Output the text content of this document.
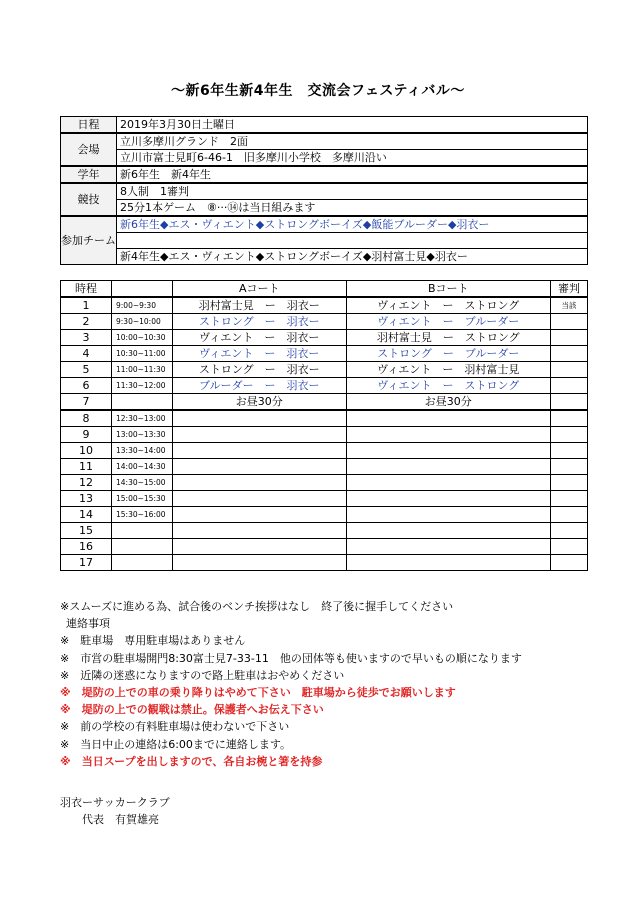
〜新6年生新4年生　交流会フェスティバル〜
日程	2019年3月30日土曜日
会場	立川多摩川グランド　2面
	立川市富士見町6-46-1　旧多摩川小学校　多摩川沿い
学年	新6年生　新4年生
競技	8人制　1審判
	25分1本ゲーム　⑧···⑭は当日組みます
参加チーム	新6年生◆エス・ヴィエント◆ストロングボーイズ◆飯能ブルーダー◆羽衣ー

	新4年生◆エス・ヴィエント◆ストロングボーイズ◆羽村富士見◆羽衣ー
時程		Aコート	Bコート	審判
1	9:00~9:30	羽村富士見　ー　羽衣ー	ヴィエント　ー　ストロング	当該
2	9:30~10:00	ストロング　ー　羽衣ー	ヴィエント　ー　ブルーダー	
3	10:00~10:30	ヴィエント　ー　羽衣ー	羽村富士見　ー　ストロング	
4	10:30~11:00	ヴィエント　ー　羽衣ー	ストロング　ー　ブルーダー	
5	11:00~11:30	ストロング　ー　羽衣ー	ヴィエント　ー　羽村富士見	
6	11:30~12:00	ブルーダー　ー　羽衣ー	ヴィエント　ー　ストロング	
7		お昼30分	お昼30分	
8	12:30~13:00			
9	13:00~13:30			
10	13:30~14:00			
11	14:00~14:30			
12	14:30~15:00			
13	15:00~15:30			
14	15:30~16:00			
15				
16				
17				
※スムーズに進める為、試合後のベンチ挨拶はなし　終了後に握手してください
連絡事項
※　駐車場　専用駐車場はありません
※　市営の駐車場開門8:30富士見7-33-11　他の団体等も使いますので早いもの順になります
※　近隣の迷惑になりますので路上駐車はおやめください
※　堤防の上での車の乗り降りはやめて下さい　駐車場から徒歩でお願いします
※　堤防の上での観戦は禁止。保護者へお伝え下さい
※　前の学校の有料駐車場は使わないで下さい
※　当日中止の連絡は6:00までに連絡します。
※　当日スープを出しますので、各自お椀と箸を持参
羽衣ーサッカークラブ
代表　有賀雄亮
